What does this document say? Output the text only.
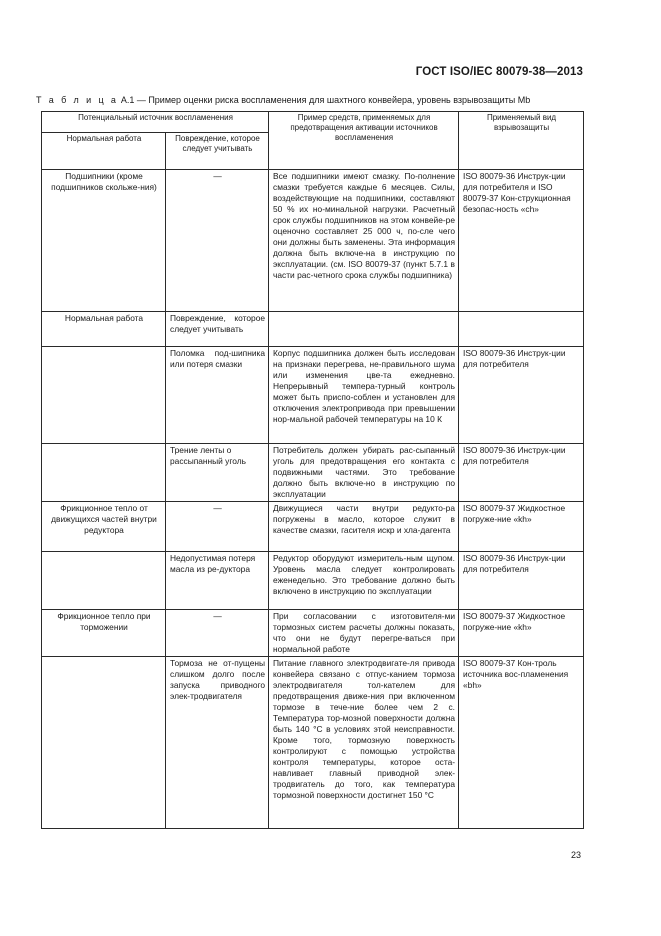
ГОСТ ISO/IEC 80079-38—2013
Т а б л и ц а А.1 — Пример оценки риска воспламенения для шахтного конвейера, уровень взрывозащиты Mb
Потенциальный источник воспламенения		Пример средств, применяемых для предотвращения активации источников воспламенения	Применяемый вид взрывозащиты
Нормальная работа	Повреждение, которое следует учитывать		
Подшипники (кроме подшипников скольже-ния)	—	Все подшипники имеют смазку. По-полнение смазки требуется каждые 6 месяцев. Силы, воздействующие на подшипники, составляют 50 % их но-минальной нагрузки. Расчетный срок службы подшипников на этом конвейе-ре оценочно составляет 25 000 ч, по-сле чего они должны быть заменены. Эта информация должна быть включе-на в инструкцию по эксплуатации. (см. ISO 80079-37 (пункт 5.7.1 в части рас-четного срока службы подшипника)	ISO 80079-36 Инструк-ции для потребителя и ISO 80079-37 Кон-струкционная безопас-ность «ch»
Нормальная работа	Повреждение, которое следует учитывать		
	Поломка под-шипника или потеря смазки	Корпус подшипника должен быть исследован на признаки перегрева, не-правильного шума или изменения цве-та ежедневно. Непрерывный темпера-турный контроль может быть приспо-соблен и установлен для отключения электропривода при превышении нор-мальной рабочей температуры на 10 К	ISO 80079-36 Инструк-ции для потребителя
	Трение ленты о рассыпанный уголь	Потребитель должен убирать рас-сыпанный уголь для предотвращения его контакта с подвижными частями. Это требование должно быть включе-но в инструкцию по эксплуатации	ISO 80079-36 Инструк-ции для потребителя
Фрикционное тепло от движущихся частей внутри редуктора	—	Движущиеся части внутри редукто-ра погружены в масло, которое служит в качестве смазки, гасителя искр и хла-дагента	ISO 80079-37 Жидкостное погруже-ние «kh»
	Недопустимая потеря масла из ре-дуктора	Редуктор оборудуют измеритель-ным щупом. Уровень масла следует контролировать еженедельно. Это требование должно быть включено в инструкцию по эксплуатации	ISO 80079-36 Инструк-ции для потребителя
Фрикционное тепло при торможении	—	При согласовании с изготовителя-ми тормозных систем расчеты должны показать, что они не будут перегре-ваться при нормальной работе	ISO 80079-37 Жидкостное погруже-ние «kh»
	Тормоза не от-пущены слишком долго после запуска приводного элек-тродвигателя	Питание главного электродвигате-ля привода конвейера связано с отпус-канием тормоза электродвигателя тол-кателем для предотвращения движе-ния при включенном тормозе в тече-ние более чем 2 с. Температура тор-мозной поверхности должна быть 140 °С в условиях этой неисправности. Кроме того, тормозную поверхность контролируют с помощью устройства контроля температуры, которое оста-навливает главный приводной элек-тродвигатель до того, как температура тормозной поверхности достигнет 150 °С	ISO 80079-37 Кон-троль источника вос-пламенения «bh»
23
